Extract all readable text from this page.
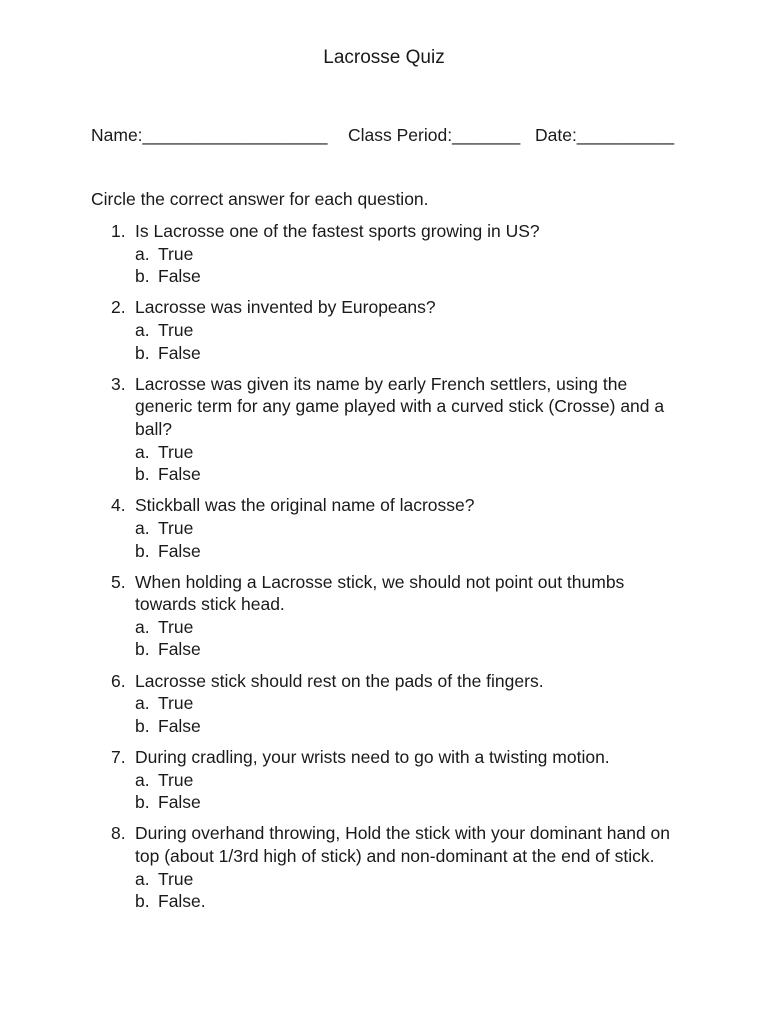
Lacrosse Quiz

Name:___________________

Class Period:_______

Date:__________

Circle the correct answer for each question.
1. Is Lacrosse one of the fastest sports growing in US?
a. True
b. False
2. Lacrosse was invented by Europeans?
a. True
b. False
3. Lacrosse was given its name by early French settlers, using the generic term for any game played with a curved stick (Crosse) and a ball?
a. True
b. False
4. Stickball was the original name of lacrosse?
a. True
b. False
5. When holding a Lacrosse stick, we should not point out thumbs towards stick head.
a. True
b. False
6. Lacrosse stick should rest on the pads of the fingers.
a. True
b. False
7. During cradling, your wrists need to go with a twisting motion.
a. True
b. False
8. During overhand throwing, Hold the stick with your dominant hand on top (about 1/3rd high of stick) and non-dominant at the end of stick.
a. True
b. False.
